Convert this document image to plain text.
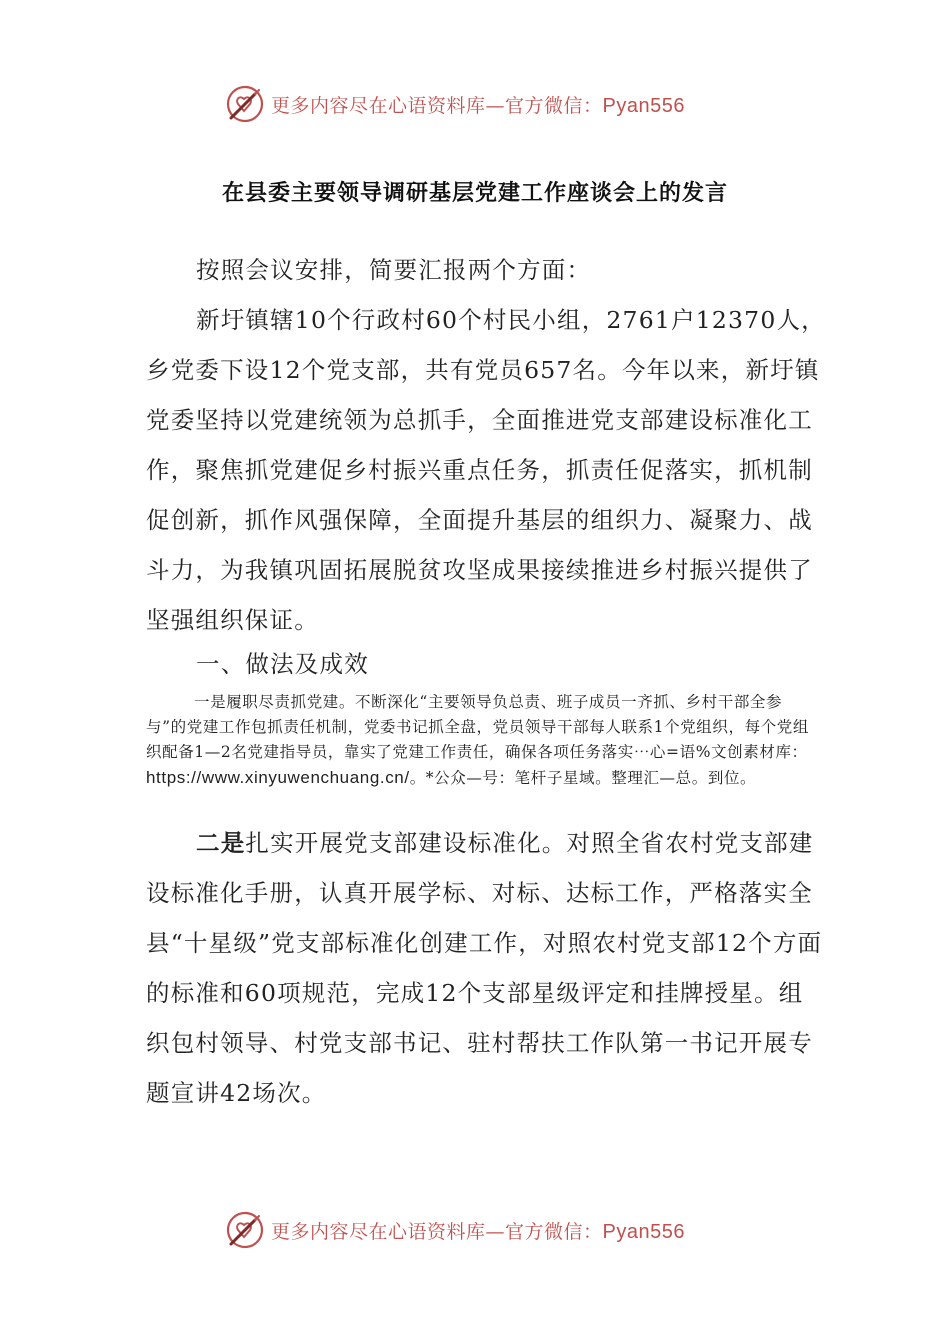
更多内容尽在心语资料库—官方微信：Pyan556
在县委主要领导调研基层党建工作座谈会上的发言
按照会议安排，简要汇报两个方面：

新圩镇辖10个行政村60个村民小组，2761户12370人，乡党委下设12个党支部，共有党员657名。今年以来，新圩镇党委坚持以党建统领为总抓手，全面推进党支部建设标准化工作，聚焦抓党建促乡村振兴重点任务，抓责任促落实，抓机制促创新，抓作风强保障，全面提升基层的组织力、凝聚力、战斗力，为我镇巩固拓展脱贫攻坚成果接续推进乡村振兴提供了坚强组织保证。

一、做法及成效
一是履职尽责抓党建。不断深化“主要领导负总责、班子成员一齐抓、乡村干部全参与”的党建工作包抓责任机制，党委书记抓全盘，党员领导干部每人联系1个党组织，每个党组织配备1—2名党建指导员，靠实了党建工作责任，确保各项任务落实⋯心=语%文创素材库：https://www.xinyuwenchuang.cn/。*公众—号：笔杆子星域。整理汇—总。到位。

二是扎实开展党支部建设标准化。对照全省农村党支部建设标准化手册，认真开展学标、对标、达标工作，严格落实全县“十星级”党支部标准化创建工作，对照农村党支部12个方面的标准和60项规范，完成12个支部星级评定和挂牌授星。组织包村领导、村党支部书记、驻村帮扶工作队第一书记开展专题宣讲42场次。

更多内容尽在心语资料库—官方微信：Pyan556
